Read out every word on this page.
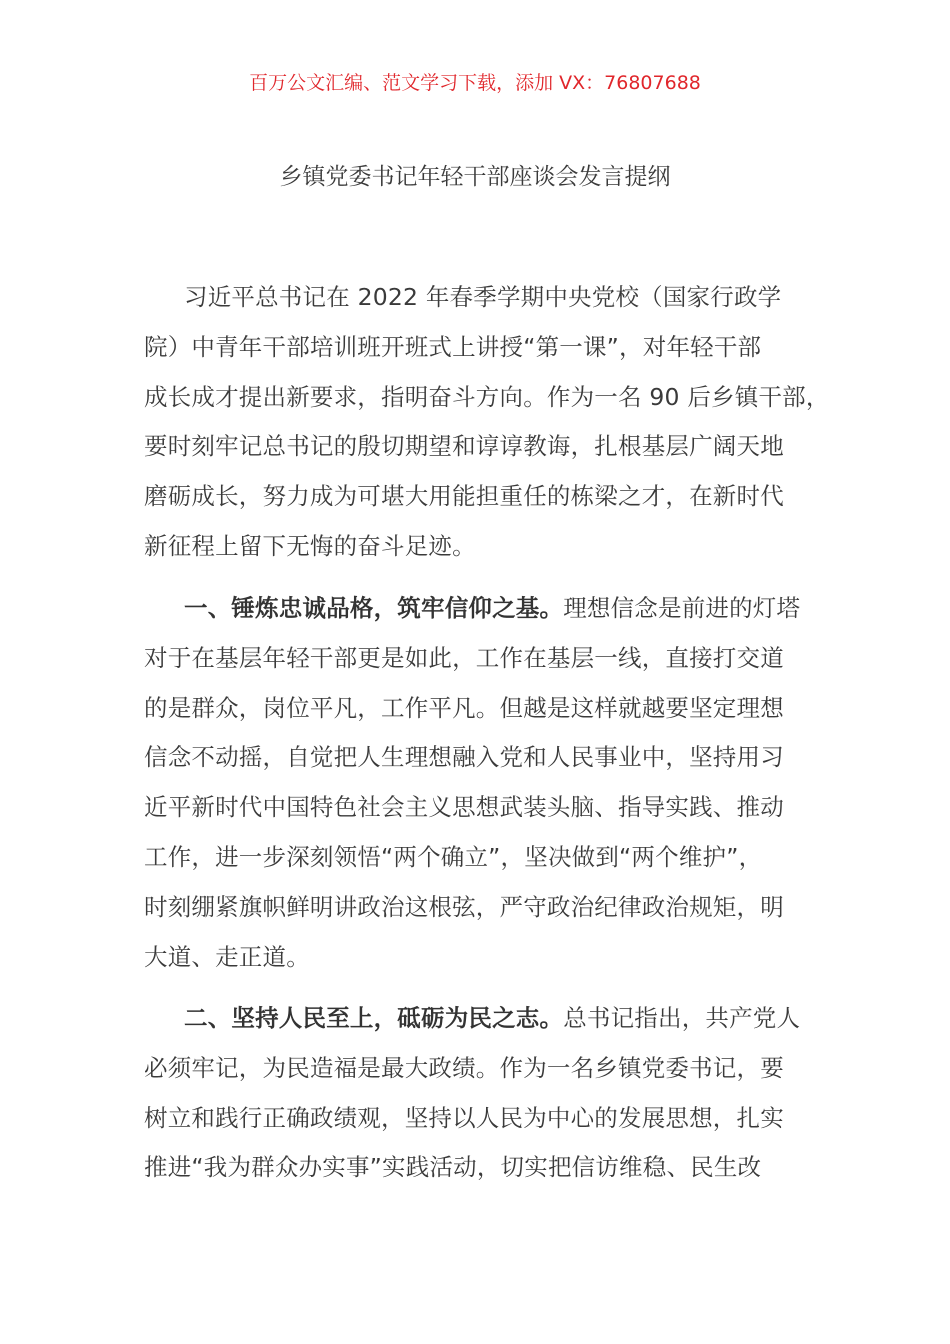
百万公文汇编、范文学习下载，添加 VX：76807688
乡镇党委书记年轻干部座谈会发言提纲
习近平总书记在 2022 年春季学期中央党校（国家行政学
院）中青年干部培训班开班式上讲授“第一课”，对年轻干部
成长成才提出新要求，指明奋斗方向。作为一名 90 后乡镇干部，
要时刻牢记总书记的殷切期望和谆谆教诲，扎根基层广阔天地
磨砺成长，努力成为可堪大用能担重任的栋梁之才，在新时代
新征程上留下无悔的奋斗足迹。
一、锤炼忠诚品格，筑牢信仰之基。理想信念是前进的灯塔
对于在基层年轻干部更是如此，工作在基层一线，直接打交道
的是群众，岗位平凡，工作平凡。但越是这样就越要坚定理想
信念不动摇，自觉把人生理想融入党和人民事业中，坚持用习
近平新时代中国特色社会主义思想武装头脑、指导实践、推动
工作，进一步深刻领悟“两个确立”，坚决做到“两个维护”，
时刻绷紧旗帜鲜明讲政治这根弦，严守政治纪律政治规矩，明
大道、走正道。
二、坚持人民至上，砥砺为民之志。总书记指出，共产党人
必须牢记，为民造福是最大政绩。作为一名乡镇党委书记，要
树立和践行正确政绩观，坚持以人民为中心的发展思想，扎实
推进“我为群众办实事”实践活动，切实把信访维稳、民生改
